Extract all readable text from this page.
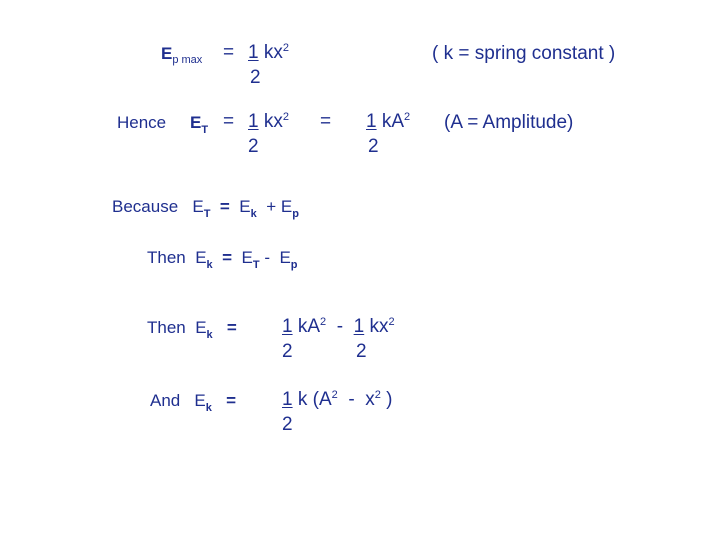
$E_{p max} = 1$ $kx^2$
2
( k = spring constant )
Hence $E_T = 1$ $kx^2$
2
= 1 $kA^2$
2
(A = Amplitude)
Because $E_T = E_k + E_p$
Then $E_k = E_T - E_p$
Then $E_k = 1$ $kA^2 - 1$ $kx^2$
2	2
And $E_k = 1$ k ($A^2 - x^2$ )
2
